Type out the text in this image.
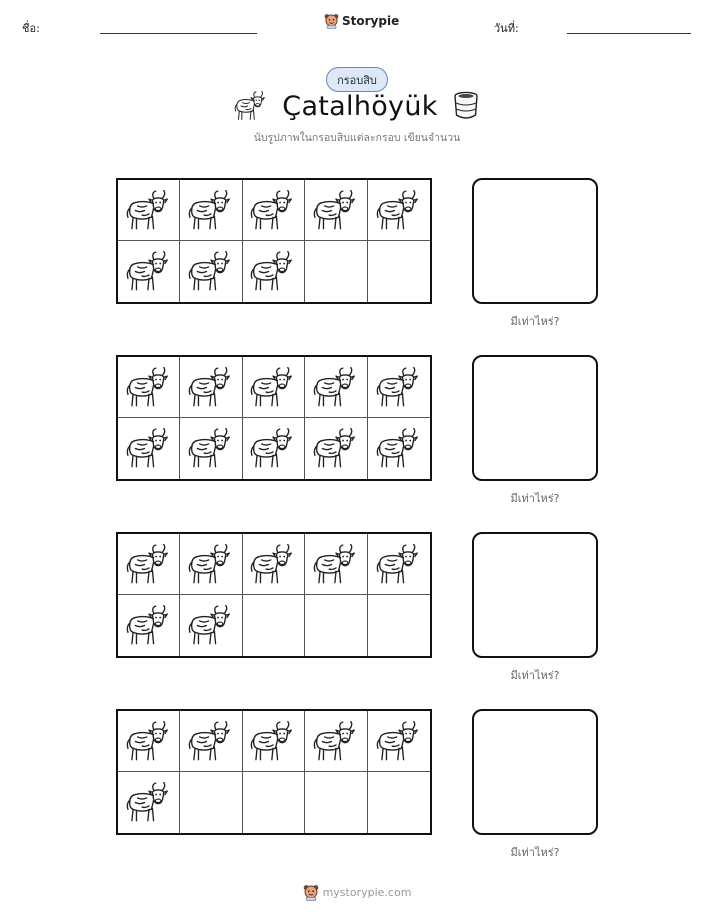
ชื่อ:
Storypie
วันที่:
กรอบสิบ
Çatalhöyük
นับรูปภาพในกรอบสิบแต่ละกรอบ เขียนจำนวน
มีเท่าไหร่?
มีเท่าไหร่?
มีเท่าไหร่?
มีเท่าไหร่?
mystorypie.com
